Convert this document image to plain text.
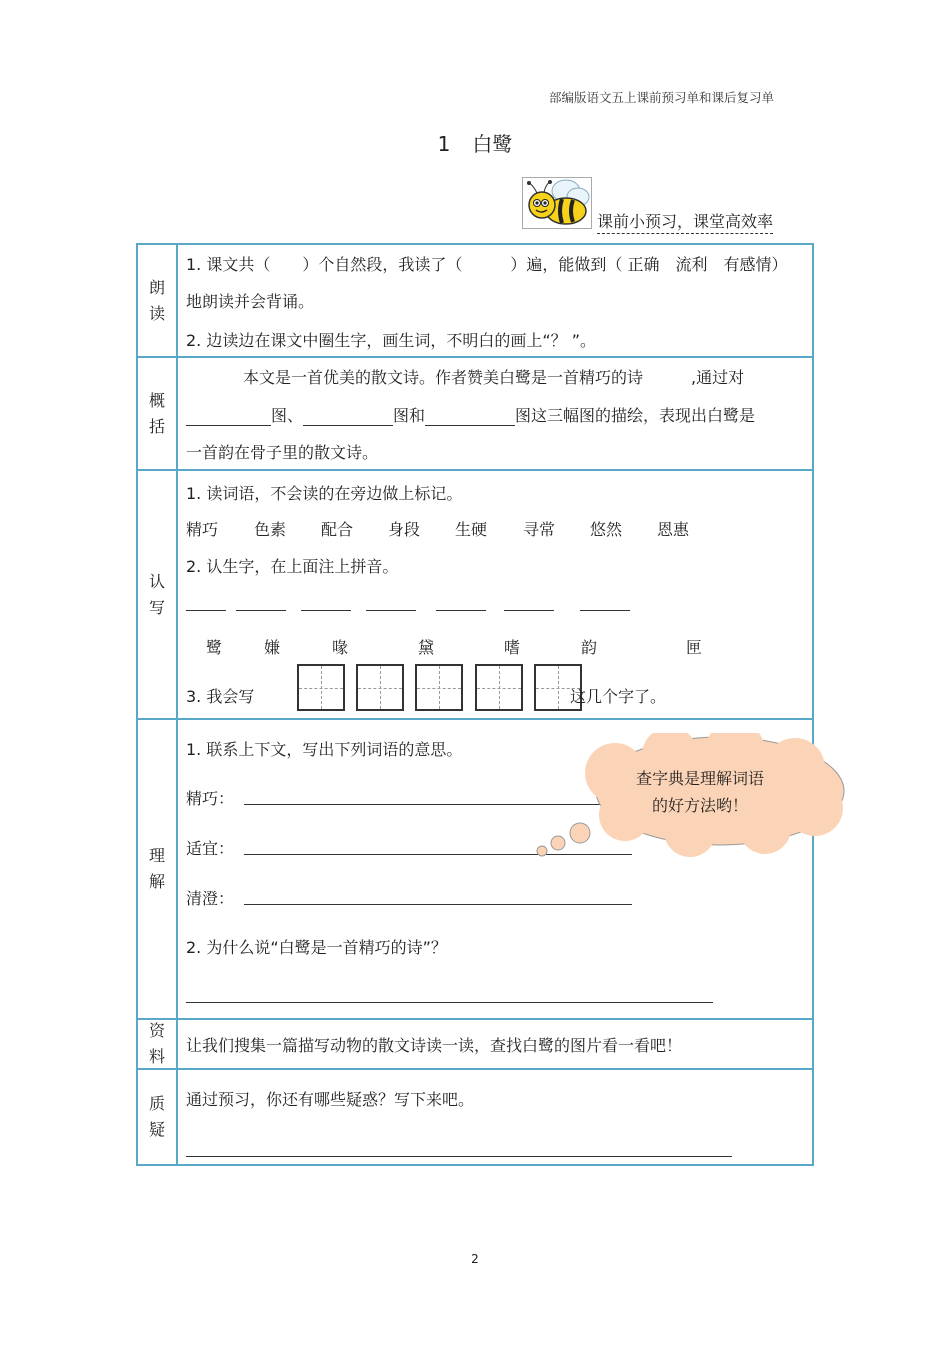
部编版语文五上课前预习单和课后复习单
1 白鹭
课前小预习，课堂高效率
朗
读
1. 课文共（　　）个自然段，我读了（　　　）遍，能做到（ 正确　流利　有感情）
地朗读并会背诵。
2. 边读边在课文中圈生字，画生词，不明白的画上“？ ”。
概
括
本文是一首优美的散文诗。作者赞美白鹭是一首精巧的诗　　　,通过对
图、	图和	图这三幅图的描绘，表现出白鹭是
一首韵在骨子里的散文诗。
认
写
1. 读词语，不会读的在旁边做上标记。
精巧 色素 配合 身段 生硬 寻常 悠然 恩惠
2. 认生字，在上面注上拼音。
鹭	嫌	喙	黛	嗜	韵	匣
3. 我会写	这几个字了。
理
解
1. 联系上下文，写出下列词语的意思。
精巧：
适宜：
清澄：
2. 为什么说“白鹭是一首精巧的诗”？
资
料
让我们搜集一篇描写动物的散文诗读一读，查找白鹭的图片看一看吧！
质
疑
通过预习，你还有哪些疑惑？写下来吧。
查字典是理解词语
的好方法哟！
2
